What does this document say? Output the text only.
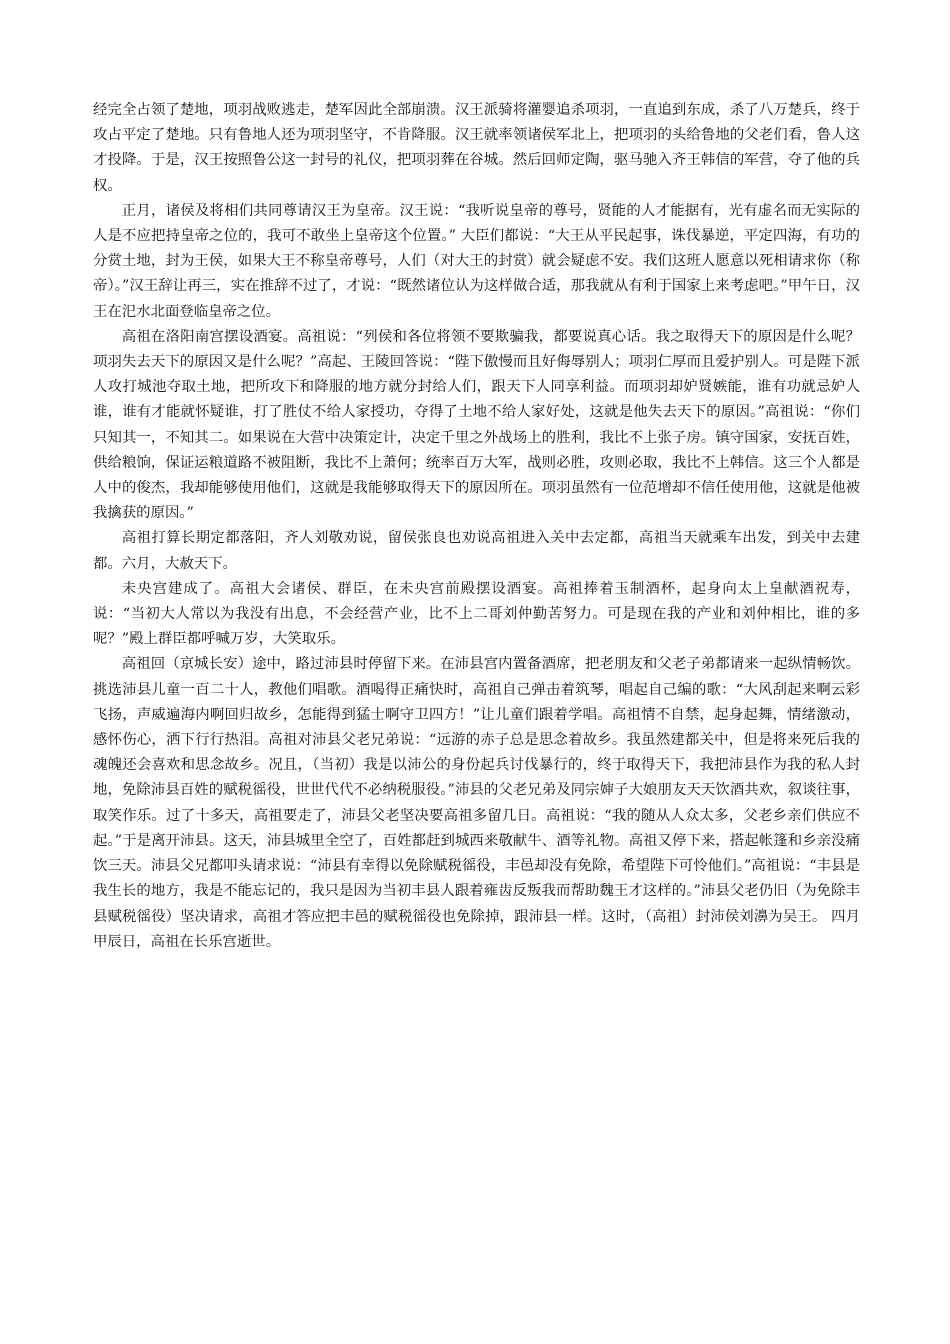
经完全占领了楚地，项羽战败逃走，楚军因此全部崩溃。汉王派骑将灌婴追杀项羽，一直追到东成，杀了八万楚兵，终于攻占平定了楚地。只有鲁地人还为项羽坚守，不肯降服。汉王就率领诸侯军北上，把项羽的头给鲁地的父老们看，鲁人这才投降。于是，汉王按照鲁公这一封号的礼仪，把项羽葬在谷城。然后回师定陶，驱马驰入齐王韩信的军营，夺了他的兵权。

正月，诸侯及将相们共同尊请汉王为皇帝。汉王说：“我听说皇帝的尊号，贤能的人才能据有，光有虚名而无实际的人是不应把持皇帝之位的，我可不敢坐上皇帝这个位置。” 大臣们都说：“大王从平民起事，诛伐暴逆，平定四海，有功的分赏土地，封为王侯，如果大王不称皇帝尊号，人们（对大王的封赏）就会疑虑不安。我们这班人愿意以死相请求你（称帝）。”汉王辞让再三，实在推辞不过了，才说：“既然诸位认为这样做合适，那我就从有利于国家上来考虑吧。”甲午日，汉王在汜水北面登临皇帝之位。

高祖在洛阳南宫摆设酒宴。高祖说：“列侯和各位将领不要欺骗我，都要说真心话。我之取得天下的原因是什么呢？项羽失去天下的原因又是什么呢？”高起、王陵回答说：“陛下傲慢而且好侮辱别人；项羽仁厚而且爱护别人。可是陛下派人攻打城池夺取土地，把所攻下和降服的地方就分封给人们，跟天下人同享利益。而项羽却妒贤嫉能，谁有功就忌妒人谁，谁有才能就怀疑谁，打了胜仗不给人家授功，夺得了土地不给人家好处，这就是他失去天下的原因。”高祖说：“你们只知其一，不知其二。如果说在大营中决策定计，决定千里之外战场上的胜利，我比不上张子房。镇守国家，安抚百姓，供给粮饷，保证运粮道路不被阻断，我比不上萧何；统率百万大军，战则必胜，攻则必取，我比不上韩信。这三个人都是人中的俊杰，我却能够使用他们，这就是我能够取得天下的原因所在。项羽虽然有一位范增却不信任使用他，这就是他被我擒获的原因。”

高祖打算长期定都落阳，齐人刘敬劝说，留侯张良也劝说高祖进入关中去定都，高祖当天就乘车出发，到关中去建都。六月，大赦天下。

未央宫建成了。高祖大会诸侯、群臣，在未央宫前殿摆设酒宴。高祖捧着玉制酒杯，起身向太上皇献酒祝寿，说：“当初大人常以为我没有出息，不会经营产业，比不上二哥刘仲勤苦努力。可是现在我的产业和刘仲相比，谁的多呢？”殿上群臣都呼喊万岁，大笑取乐。

高祖回（京城长安）途中，路过沛县时停留下来。在沛县宫内置备酒席，把老朋友和父老子弟都请来一起纵情畅饮。挑选沛县儿童一百二十人，教他们唱歌。酒喝得正痛快时，高祖自己弹击着筑琴，唱起自己编的歌：“大风刮起来啊云彩飞扬，声威遍海内啊回归故乡，怎能得到猛士啊守卫四方！”让儿童们跟着学唱。高祖情不自禁，起身起舞，情绪激动，感怀伤心，洒下行行热泪。高祖对沛县父老兄弟说：“远游的赤子总是思念着故乡。我虽然建都关中，但是将来死后我的魂魄还会喜欢和思念故乡。况且，（当初）我是以沛公的身份起兵讨伐暴行的，终于取得天下，我把沛县作为我的私人封地，免除沛县百姓的赋税徭役，世世代代不必纳税服役。”沛县的父老兄弟及同宗婶子大娘朋友天天饮酒共欢，叙谈往事，取笑作乐。过了十多天，高祖要走了，沛县父老坚决要高祖多留几日。高祖说：“我的随从人众太多，父老乡亲们供应不起。”于是离开沛县。这天，沛县城里全空了，百姓都赶到城西来敬献牛、酒等礼物。高祖又停下来，搭起帐篷和乡亲没痛饮三天。沛县父兄都叩头请求说：“沛县有幸得以免除赋税徭役，丰邑却没有免除，希望陛下可怜他们。”高祖说：“丰县是我生长的地方，我是不能忘记的，我只是因为当初丰县人跟着雍齿反叛我而帮助魏王才这样的。”沛县父老仍旧（为免除丰县赋税徭役）坚决请求，高祖才答应把丰邑的赋税徭役也免除掉，跟沛县一样。这时，（高祖）封沛侯刘濞为吴王。 四月甲辰日，高祖在长乐宫逝世。
